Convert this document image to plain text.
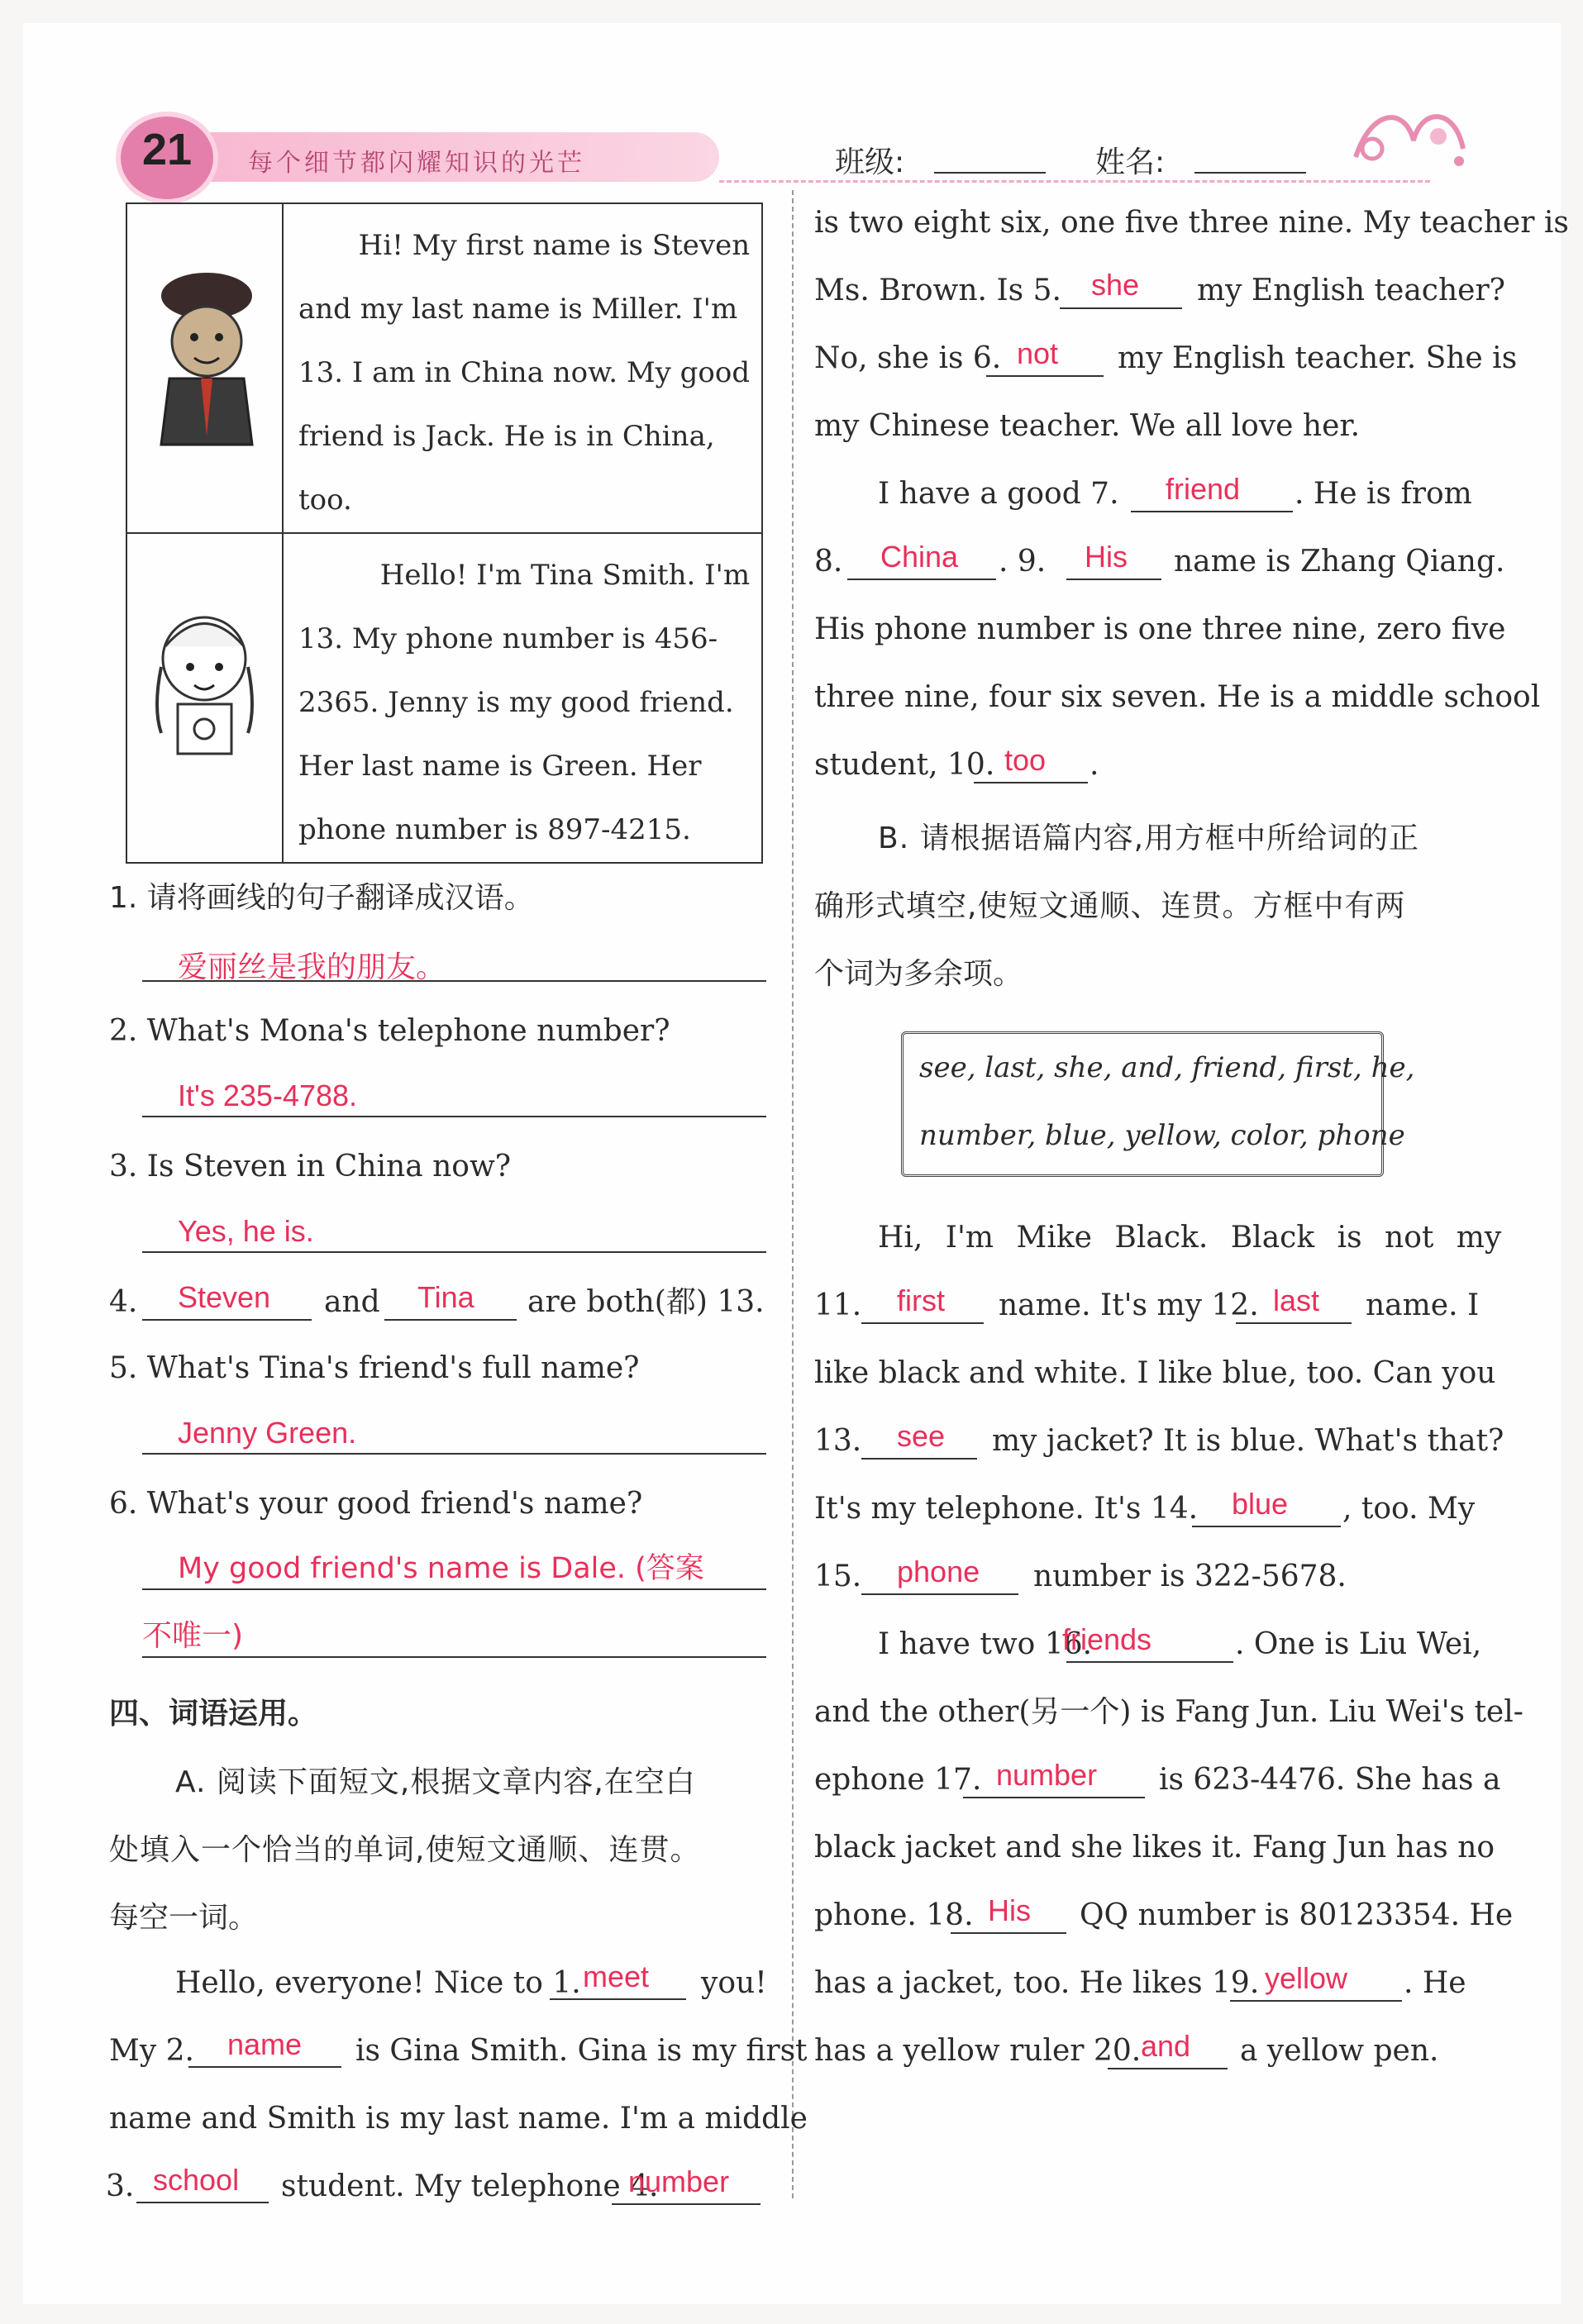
21	每个细节都闪耀知识的光芒	班级:	姓名:

Hi! My first name is Steven
and my last name is Miller. I'm
13. I am in China now. My good
friend is Jack. He is in China,
too.

Hello! I'm Tina Smith. I'm
13. My phone number is 456-
2365. Jenny is my good friend.
Her last name is Green. Her
phone number is 897-4215.
1. 请将画线的句子翻译成汉语。
爱丽丝是我的朋友。
2. What's Mona's telephone number?
It's 235-4788.
3. Is Steven in China now?
Yes, he is.
4. Steven and Tina are both(都) 13.
5. What's Tina's friend's full name?
Jenny Green.
6. What's your good friend's name?
My good friend's name is Dale. (答案
不唯一)
四、词语运用。
A. 阅读下面短文,根据文章内容,在空白
处填入一个恰当的单词,使短文通顺、连贯。
每空一词。
Hello, everyone! Nice to 1. meet you!
My 2. name is Gina Smith. Gina is my first
name and Smith is my last name. I'm a middle
3. school student. My telephone 4.
number
is two eight six, one five three nine. My teacher is
Ms. Brown. Is 5. she my English teacher?
No, she is 6. not my English teacher. She is
my Chinese teacher. We all love her.
I have a good 7. friend . He is from
8. China . 9. His name is Zhang Qiang.
His phone number is one three nine, zero five
three nine, four six seven. He is a middle school
student, 10. too .
B. 请根据语篇内容,用方框中所给词的正
确形式填空,使短文通顺、连贯。方框中有两
个词为多余项。
see, last, she, and, friend, first, he,
number, blue, yellow, color, phone
Hi, I'm Mike Black. Black is not my
11. first name. It's my 12. last name. I
like black and white. I like blue, too. Can you
13. see my jacket? It is blue. What's that?
It's my telephone. It's 14. blue , too. My
15. phone number is 322-5678.
I have two 16.
friends	. One is Liu Wei,
and the other(另一个) is Fang Jun. Liu Wei's tel-
ephone 17. number is 623-4476. She has a
black jacket and she likes it. Fang Jun has no
phone. 18. His QQ number is 80123354. He
has a jacket, too. He likes 19. yellow . He
has a yellow ruler 20. and a yellow pen.
